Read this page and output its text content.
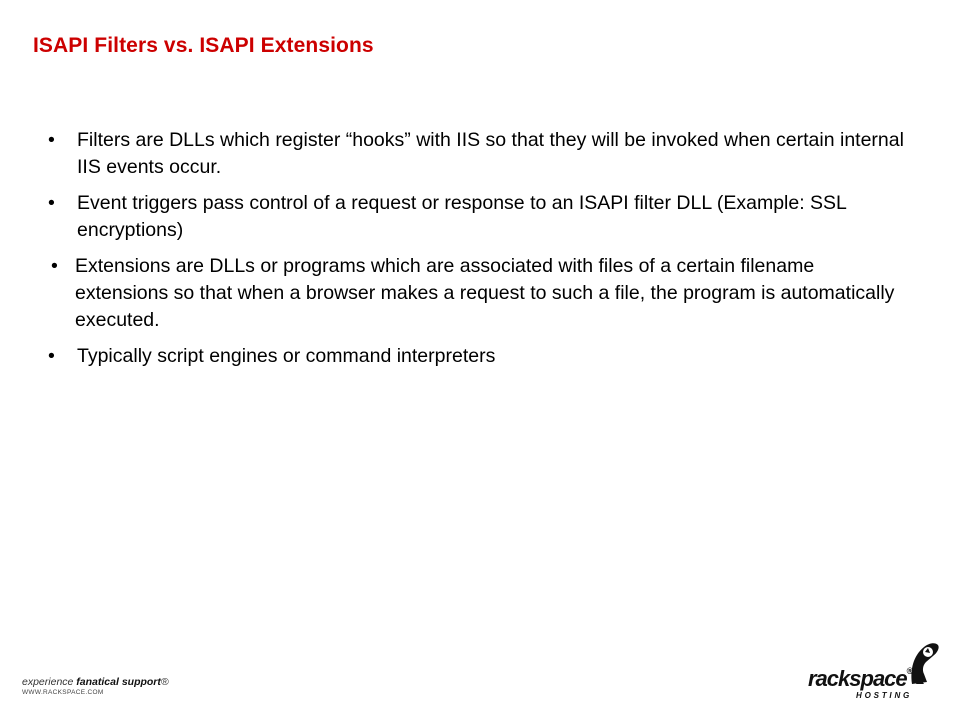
ISAPI Filters vs. ISAPI Extensions
• Filters are DLLs which register “hooks” with IIS so that they will be invoked when certain internal IIS events occur.
• Event triggers pass control of a request or response to an ISAPI filter DLL (Example: SSL encryptions)
• Extensions are DLLs or programs which are associated with files of a certain filename extensions so that when a browser makes a request to such a file, the program is automatically executed.
• Typically script engines or command interpreters
experience fanatical support®
WWW.RACKSPACE.COM
rackspace®
HOSTING
